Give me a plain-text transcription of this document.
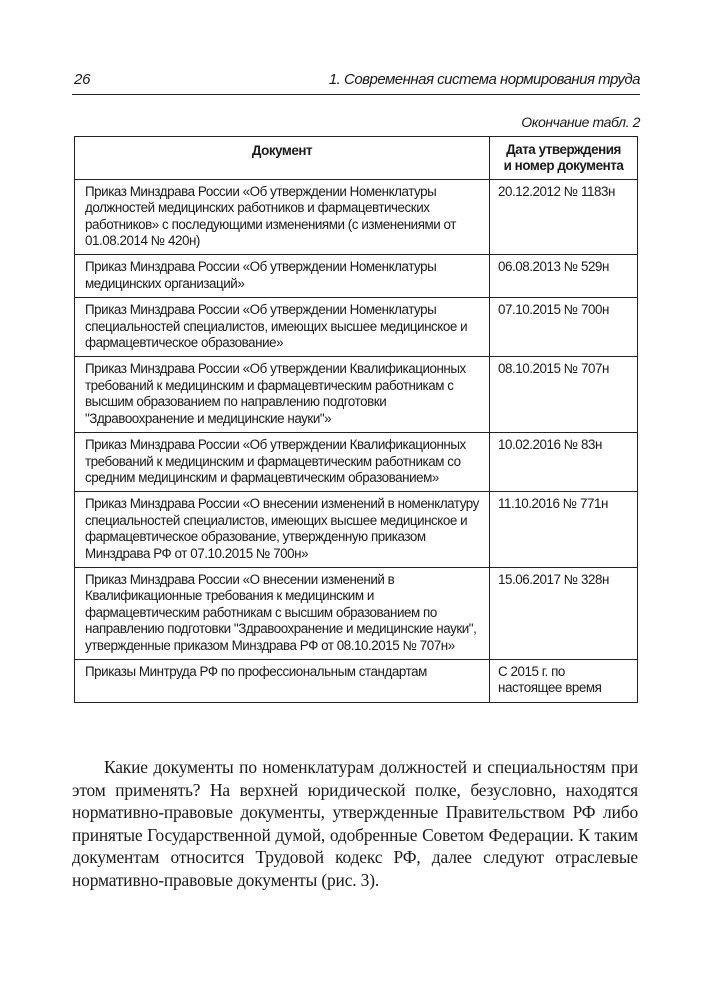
26	1. Современная система нормирования труда
Окончание табл. 2
Документ	Дата утверждения
и номер документа
Приказ Минздрава России «Об утверждении Номенклатуры должностей медицинских работников и фармацевтических работников» с последующими изменениями (с изменениями от 01.08.2014 № 420н)	20.12.2012 № 1183н
Приказ Минздрава России «Об утверждении Номенклатуры медицинских организаций»	06.08.2013 № 529н
Приказ Минздрава России «Об утверждении Номенклатуры специальностей специалистов, имеющих высшее медицинское и фармацевтическое образование»	07.10.2015 № 700н
Приказ Минздрава России «Об утверждении Квалификационных требований к медицинским и фармацевтическим работникам с высшим образованием по направлению подготовки "Здравоохранение и медицинские науки"»	08.10.2015 № 707н
Приказ Минздрава России «Об утверждении Квалификационных требований к медицинским и фармацевтическим работникам со средним медицинским и фармацевтическим образованием»	10.02.2016 № 83н
Приказ Минздрава России «О внесении изменений в номенклатуру специальностей специалистов, имеющих высшее медицинское и фармацевтическое образование, утвержденную приказом Минздрава РФ от 07.10.2015 № 700н»	11.10.2016 № 771н
Приказ Минздрава России «О внесении изменений в Квалификационные требования к медицинским и фармацевтическим работникам с высшим образованием по направлению подготовки "Здравоохранение и медицинские науки", утвержденные приказом Минздрава РФ от 08.10.2015 № 707н»	15.06.2017 № 328н
Приказы Минтруда РФ по профессиональным стандартам	С 2015 г. по настоящее время

Какие документы по номенклатурам должностей и специальностям при этом применять? На верхней юридической полке, безусловно, находятся нормативно-правовые документы, утвержденные Правительством РФ либо принятые Государственной думой, одобренные Советом Федерации. К таким документам относится Трудовой кодекс РФ, далее следуют отраслевые нормативно-правовые документы (рис. 3).
